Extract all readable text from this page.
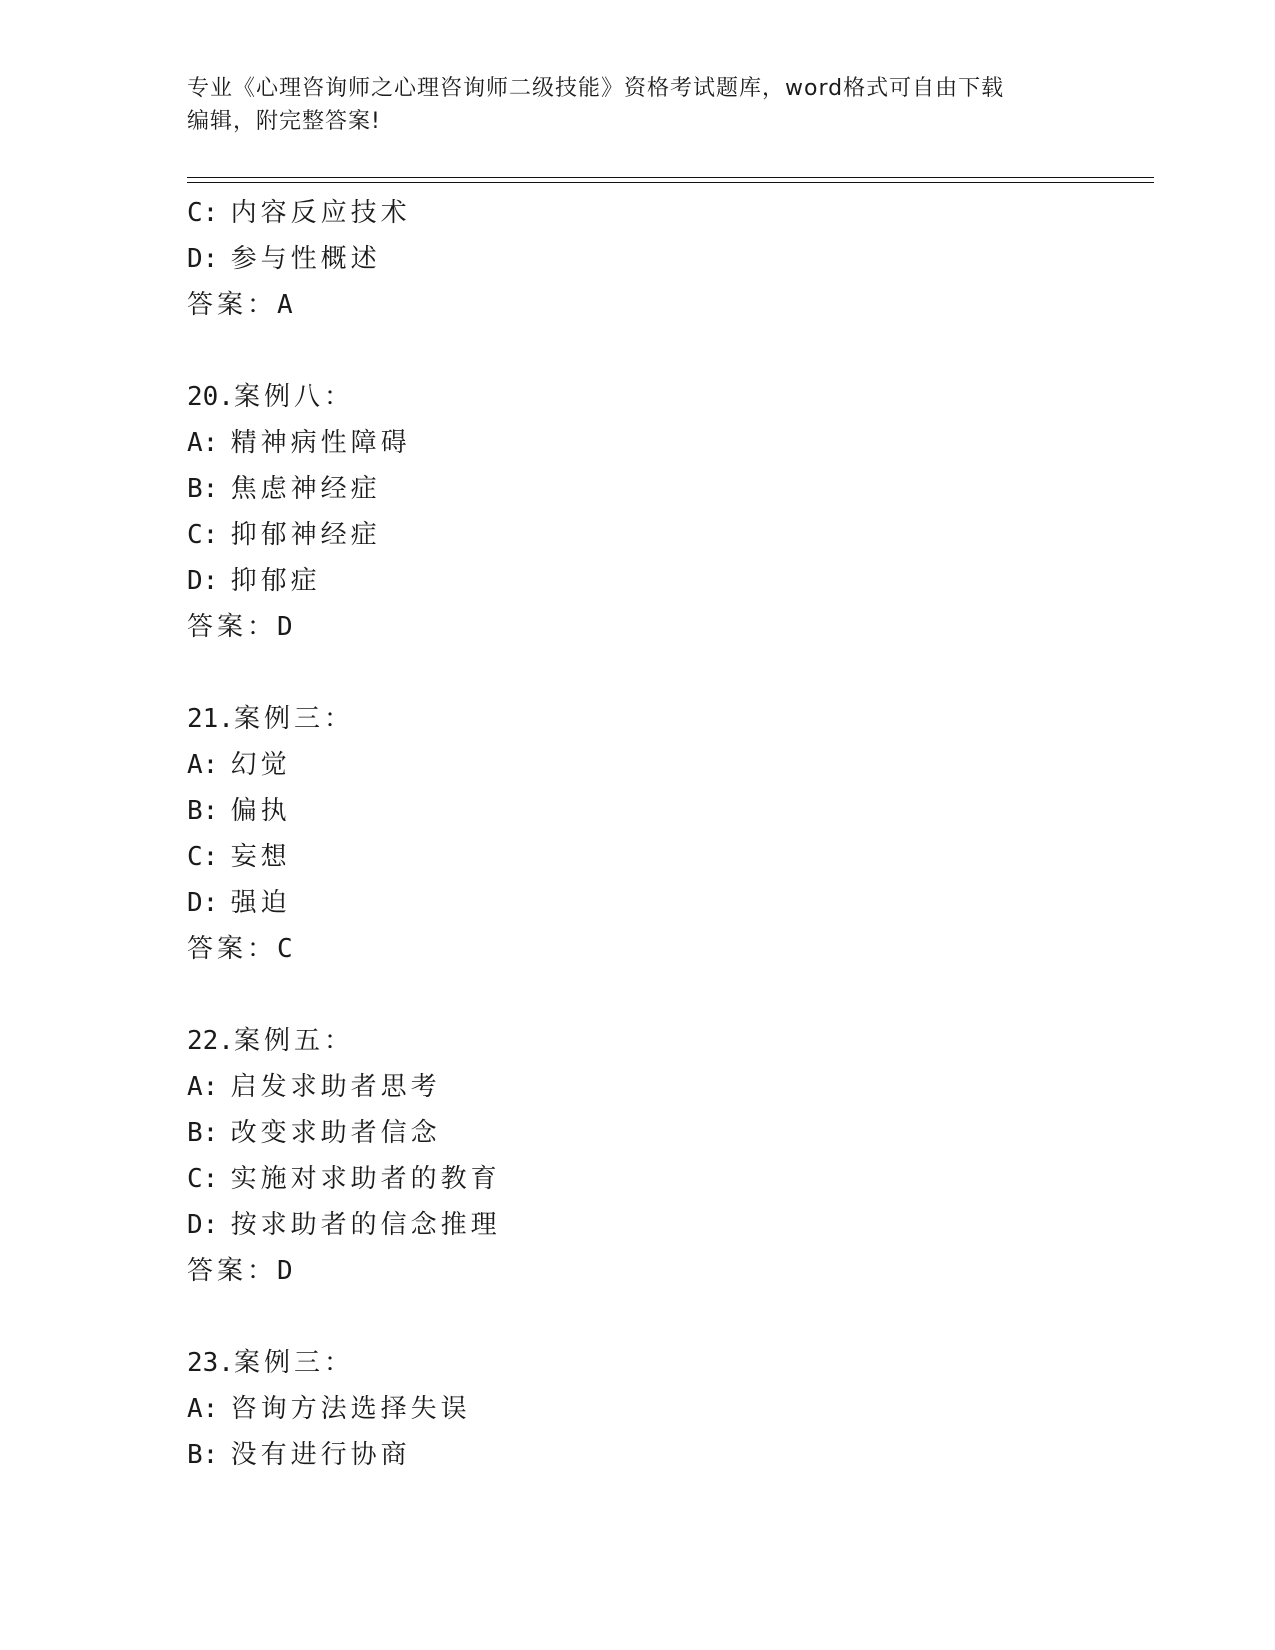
专业《心理咨询师之心理咨询师二级技能》资格考试题库，word格式可自由下载
编辑，附完整答案!
C: 内容反应技术
D: 参与性概述
答案：A
20.案例八：
A: 精神病性障碍
B: 焦虑神经症
C: 抑郁神经症
D: 抑郁症
答案：D
21.案例三：
A: 幻觉
B: 偏执
C: 妄想
D: 强迫
答案：C
22.案例五：
A: 启发求助者思考
B: 改变求助者信念
C: 实施对求助者的教育
D: 按求助者的信念推理
答案：D
23.案例三：
A: 咨询方法选择失误
B: 没有进行协商
